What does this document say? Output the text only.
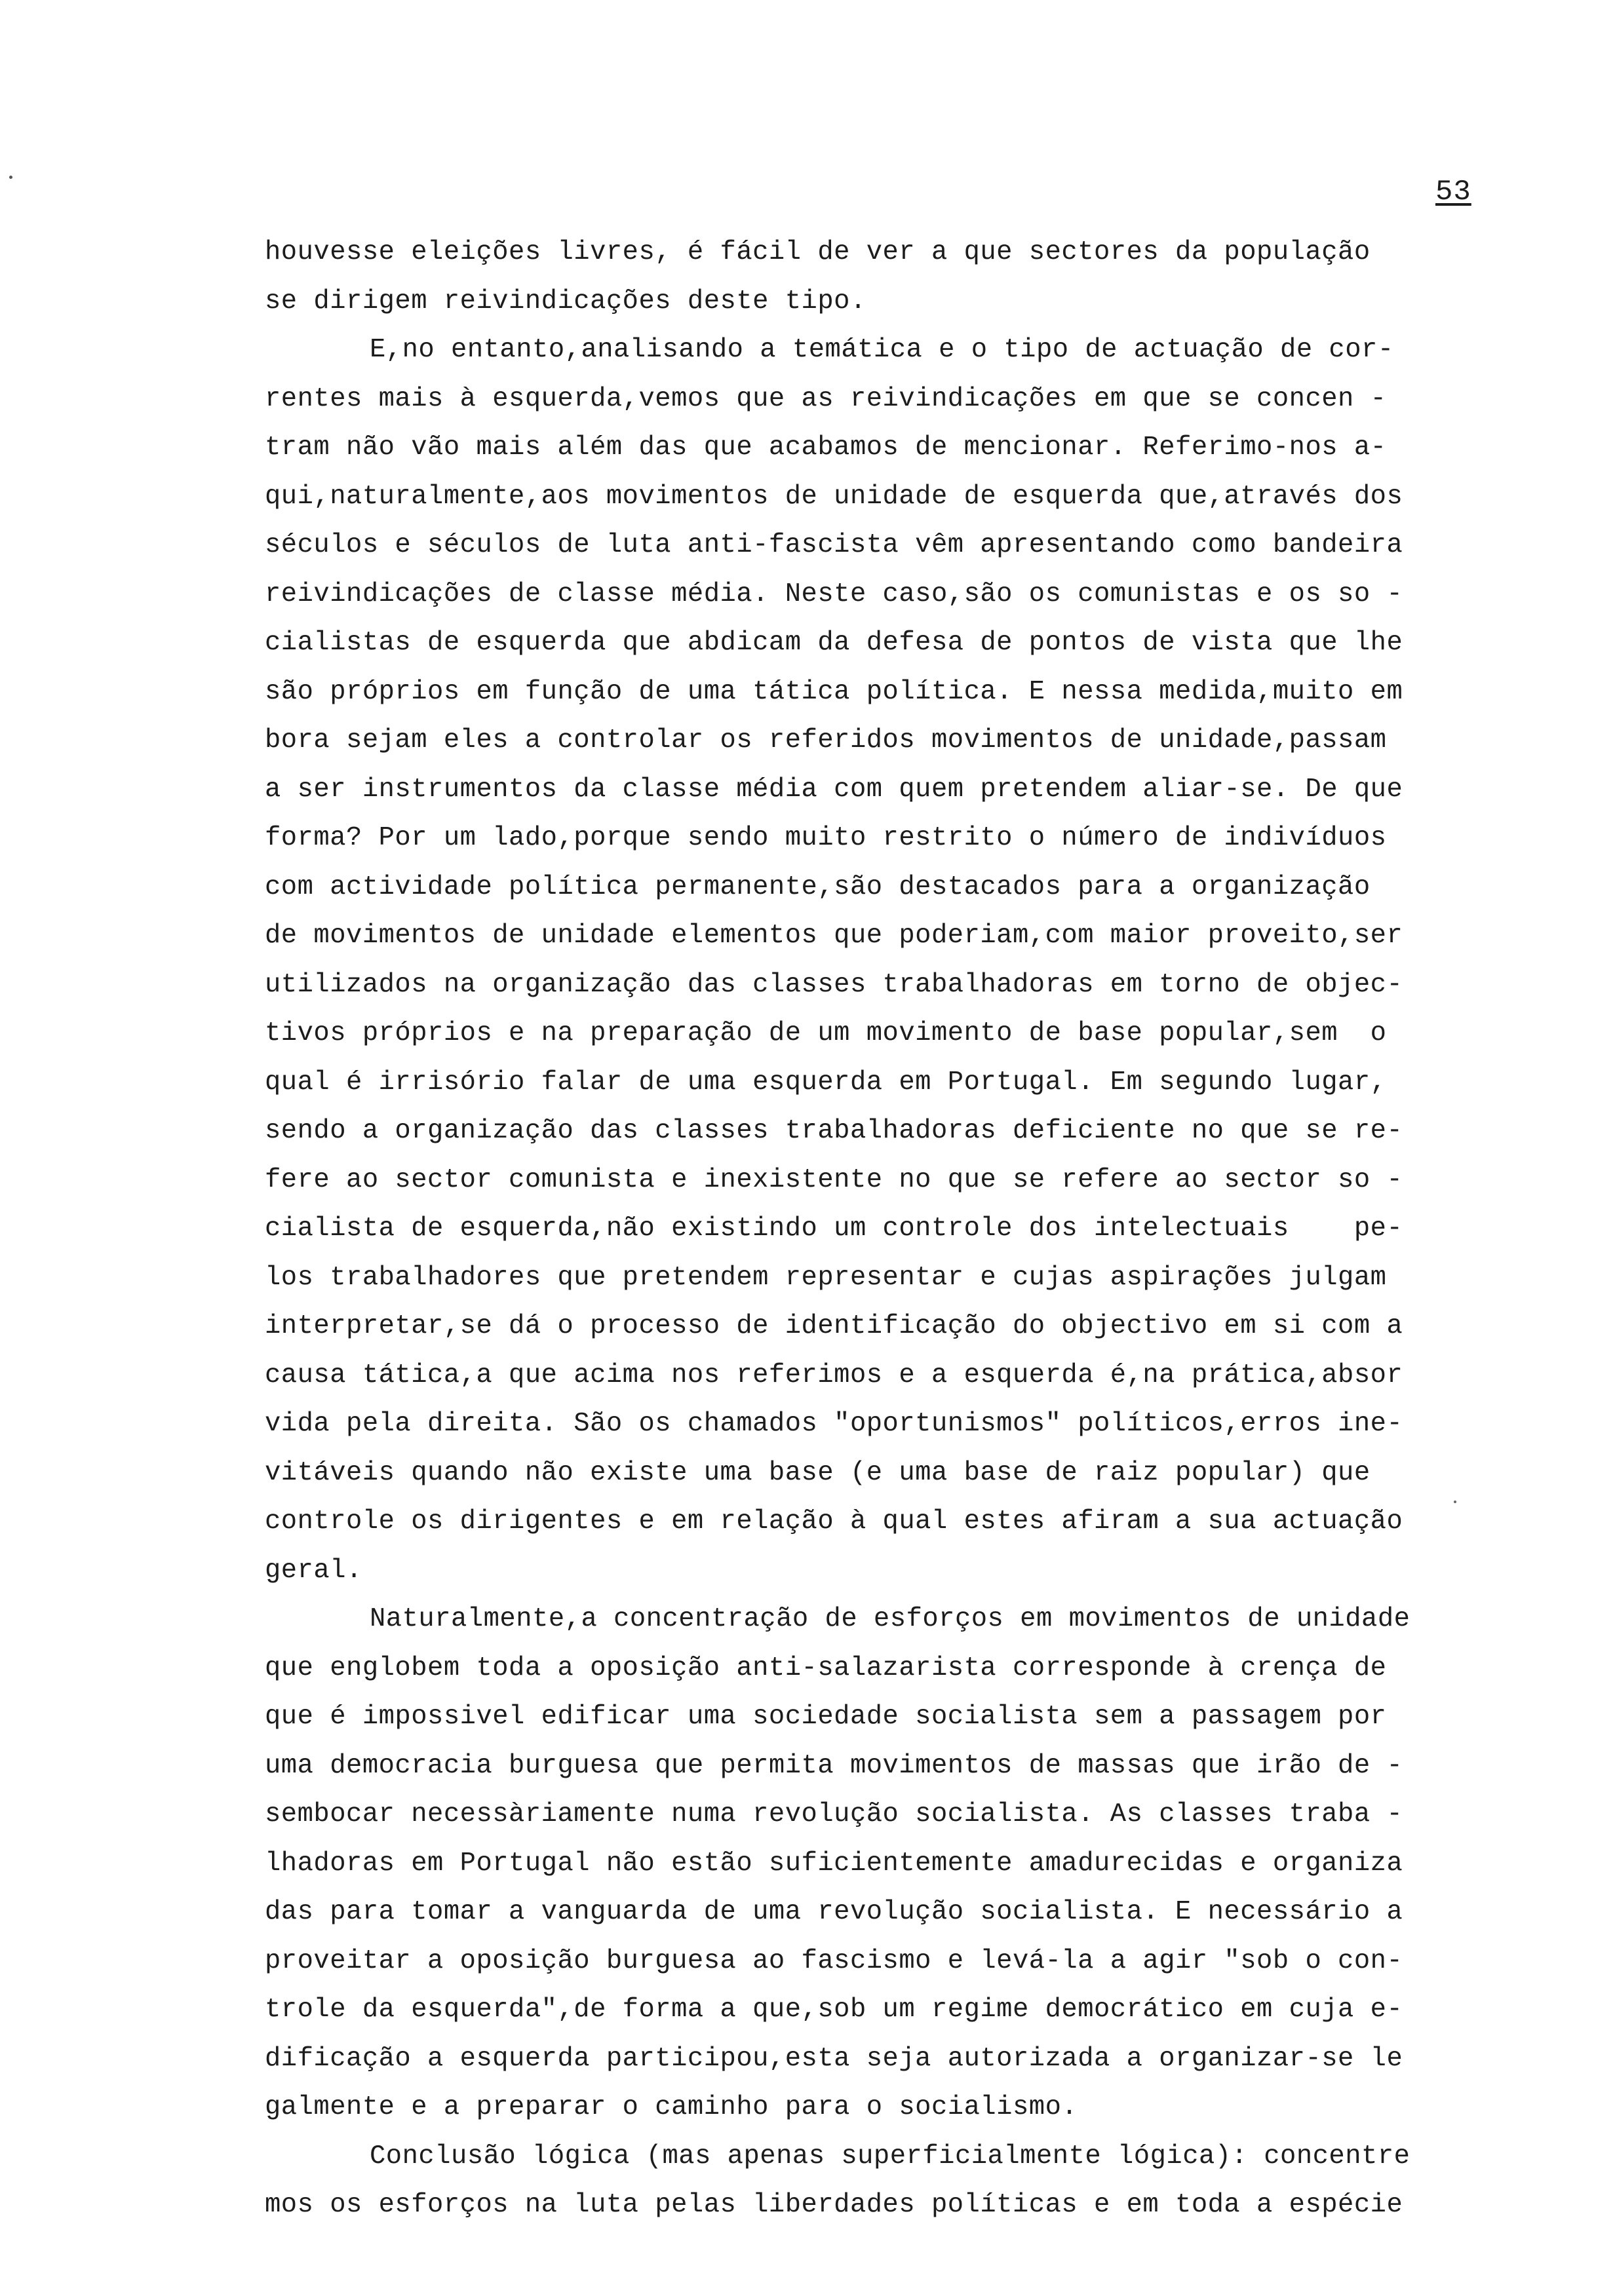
53
houvesse eleições livres, é fácil de ver a que sectores da população
se dirigem reivindicações deste tipo.
E,no entanto,analisando a temática e o tipo de actuação de cor-
rentes mais à esquerda,vemos que as reivindicações em que se concen -
tram não vão mais além das que acabamos de mencionar. Referimo-nos a-
qui,naturalmente,aos movimentos de unidade de esquerda que,através dos
séculos e séculos de luta anti-fascista vêm apresentando como bandeira
reivindicações de classe média. Neste caso,são os comunistas e os so -
cialistas de esquerda que abdicam da defesa de pontos de vista que lhe
são próprios em função de uma tática política. E nessa medida,muito em
bora sejam eles a controlar os referidos movimentos de unidade,passam
a ser instrumentos da classe média com quem pretendem aliar-se. De que
forma? Por um lado,porque sendo muito restrito o número de indivíduos
com actividade política permanente,são destacados para a organização
de movimentos de unidade elementos que poderiam,com maior proveito,ser
utilizados na organização das classes trabalhadoras em torno de objec-
tivos próprios e na preparação de um movimento de base popular,sem  o
qual é irrisório falar de uma esquerda em Portugal. Em segundo lugar,
sendo a organização das classes trabalhadoras deficiente no que se re-
fere ao sector comunista e inexistente no que se refere ao sector so -
cialista de esquerda,não existindo um controle dos intelectuais    pe-
los trabalhadores que pretendem representar e cujas aspirações julgam
interpretar,se dá o processo de identificação do objectivo em si com a
causa tática,a que acima nos referimos e a esquerda é,na prática,absor
vida pela direita. São os chamados "oportunismos" políticos,erros ine-
vitáveis quando não existe uma base (e uma base de raiz popular) que
controle os dirigentes e em relação à qual estes afiram a sua actuação
geral.
Naturalmente,a concentração de esforços em movimentos de unidade
que englobem toda a oposição anti-salazarista corresponde à crença de
que é impossivel edificar uma sociedade socialista sem a passagem por
uma democracia burguesa que permita movimentos de massas que irão de -
sembocar necessàriamente numa revolução socialista. As classes traba -
lhadoras em Portugal não estão suficientemente amadurecidas e organiza
das para tomar a vanguarda de uma revolução socialista. E necessário a
proveitar a oposição burguesa ao fascismo e levá-la a agir "sob o con-
trole da esquerda",de forma a que,sob um regime democrático em cuja e-
dificação a esquerda participou,esta seja autorizada a organizar-se le
galmente e a preparar o caminho para o socialismo.
Conclusão lógica (mas apenas superficialmente lógica): concentre
mos os esforços na luta pelas liberdades políticas e em toda a espécie
